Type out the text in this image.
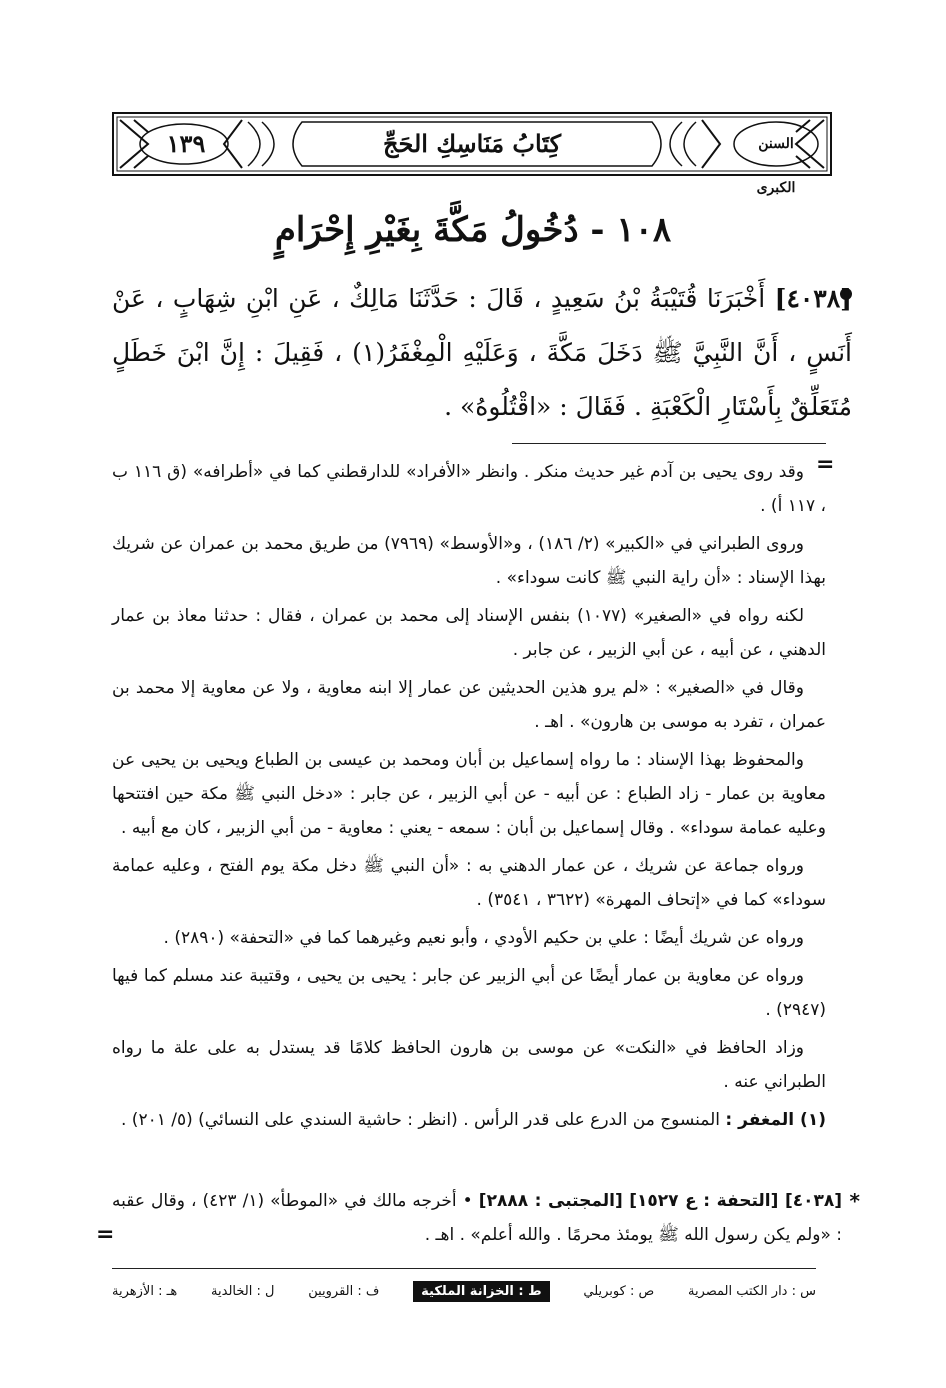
١٣٩	كِتَابُ مَنَاسِكِ الحَجِّ	السنن الكبرى
١٠٨ - دُخُولُ مَكَّةَ بِغَيْرِ إِحْرَامٍ
[٤٠٣٨] أَخْبَرَنَا قُتَيْبَةُ بْنُ سَعِيدٍ ، قَالَ : حَدَّثَنَا مَالِكٌ ، عَنِ ابْنِ شِهَابٍ ، عَنْ أَنَسٍ ، أَنَّ النَّبِيَّ ﷺ دَخَلَ مَكَّةَ ، وَعَلَيْهِ الْمِغْفَرُ(١) ، فَقِيلَ : إِنَّ ابْنَ خَطَلٍ مُتَعَلِّقٌ بِأَسْتَارِ الْكَعْبَةِ . فَقَالَ : «اقْتُلُوهُ» .
=

وقد روى يحيى بن آدم غير حديث منكر . وانظر «الأفراد» للدارقطني كما في «أطرافه» (ق ١١٦ ب ، ١١٧ أ) .

وروى الطبراني في «الكبير» (٢/ ١٨٦) ، و«الأوسط» (٧٩٦٩) من طريق محمد بن عمران عن شريك بهذا الإسناد : «أن راية النبي ﷺ كانت سوداء» .

لكنه رواه في «الصغير» (١٠٧٧) بنفس الإسناد إلى محمد بن عمران ، فقال : حدثنا معاذ بن عمار الدهني ، عن أبيه ، عن أبي الزبير ، عن جابر .

وقال في «الصغير» : «لم يرو هذين الحديثين عن عمار إلا ابنه معاوية ، ولا عن معاوية إلا محمد بن عمران ، تفرد به موسى بن هارون» . اهـ .

والمحفوظ بهذا الإسناد : ما رواه إسماعيل بن أبان ومحمد بن عيسى بن الطباع ويحيى بن يحيى عن معاوية بن عمار - زاد الطباع : عن أبيه - عن أبي الزبير ، عن جابر : «دخل النبي ﷺ مكة حين افتتحها وعليه عمامة سوداء» . وقال إسماعيل بن أبان : سمعه - يعني : معاوية - من أبي الزبير ، كان مع أبيه .

ورواه جماعة عن شريك ، عن عمار الدهني به : «أن النبي ﷺ دخل مكة يوم الفتح ، وعليه عمامة سوداء» كما في «إتحاف المهرة» (٣٦٢٢ ، ٣٥٤١) .

ورواه عن شريك أيضًا : علي بن حكيم الأودي ، وأبو نعيم وغيرهما كما في «التحفة» (٢٨٩٠) .

ورواه عن معاوية بن عمار أيضًا عن أبي الزبير عن جابر : يحيى بن يحيى ، وقتيبة عند مسلم كما فيها (٢٩٤٧) .

وزاد الحافظ في «النكت» عن موسى بن هارون الحافظ كلامًا قد يستدل به على علة ما رواه الطبراني عنه .

(١) المغفر : المنسوج من الدرع على قدر الرأس . (انظر : حاشية السندي على النسائي) (٥/ ٢٠١) .

*
[٤٠٣٨] [التحفة : ع ١٥٢٧] [المجتبى : ٢٨٨٨] • أخرجه مالك في «الموطأ» (١/ ٤٢٣) ، وقال عقبه : «ولم يكن رسول الله ﷺ يومئذ محرمًا . والله أعلم» . اهـ .
=
س : دار الكتب المصرية
ص : كوبريلي
ط : الخزانة الملكية
ف : القرويين
ل : الخالدية
هـ : الأزهرية
